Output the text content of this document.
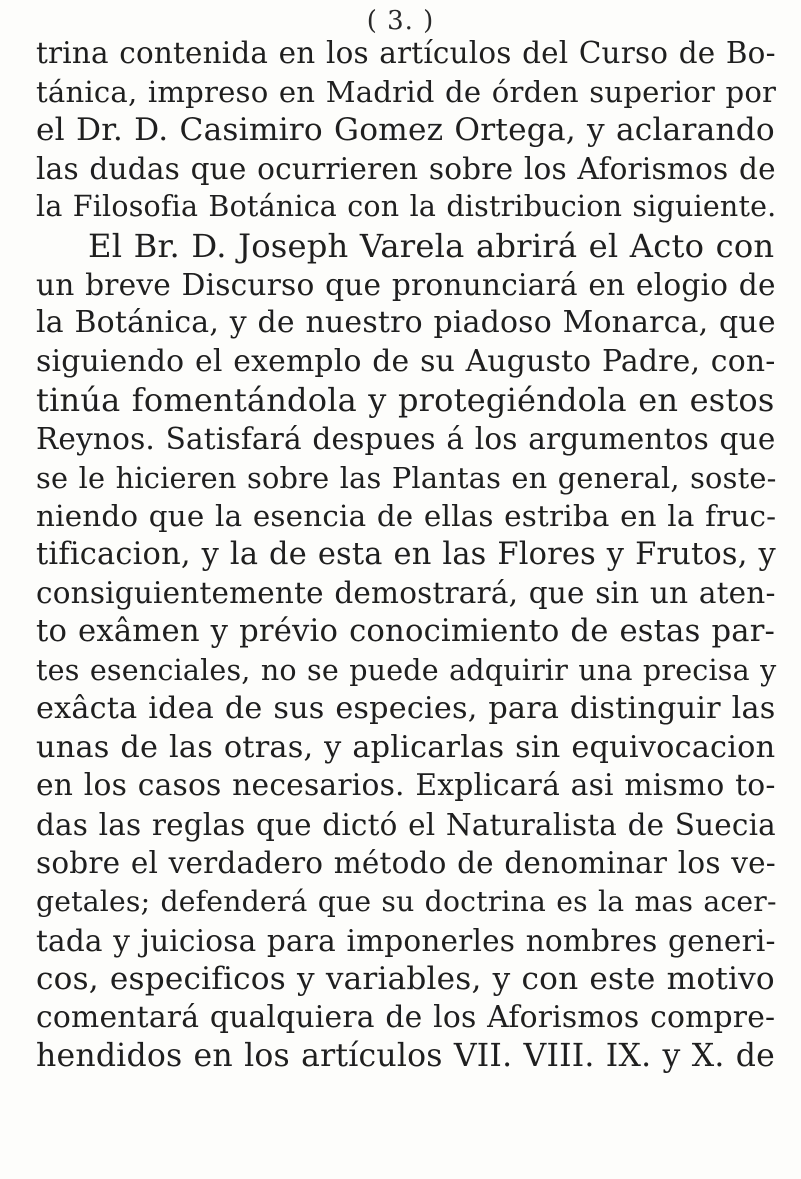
( 3. )
trina contenida en los artículos del Curso de Bo-
tánica, impreso en Madrid de órden superior por
el Dr. D. Casimiro Gomez Ortega, y aclarando
las dudas que ocurrieren sobre los Aforismos de
la Filosofia Botánica con la distribucion siguiente.
El Br. D. Joseph Varela abrirá el Acto con
un breve Discurso que pronunciará en elogio de
la Botánica, y de nuestro piadoso Monarca, que
siguiendo el exemplo de su Augusto Padre, con-
tinúa fomentándola y protegiéndola en estos
Reynos. Satisfará despues á los argumentos que
se le hicieren sobre las Plantas en general, soste-
niendo que la esencia de ellas estriba en la fruc-
tificacion, y la de esta en las Flores y Frutos, y
consiguientemente demostrará, que sin un aten-
to exâmen y prévio conocimiento de estas par-
tes esenciales, no se puede adquirir una precisa y
exâcta idea de sus especies, para distinguir las
unas de las otras, y aplicarlas sin equivocacion
en los casos necesarios. Explicará asi mismo to-
das las reglas que dictó el Naturalista de Suecia
sobre el verdadero método de denominar los ve-
getales; defenderá que su doctrina es la mas acer-
tada y juiciosa para imponerles nombres generi-
cos, especificos y variables, y con este motivo
comentará qualquiera de los Aforismos compre-
hendidos en los artículos VII. VIII. IX. y X. de
